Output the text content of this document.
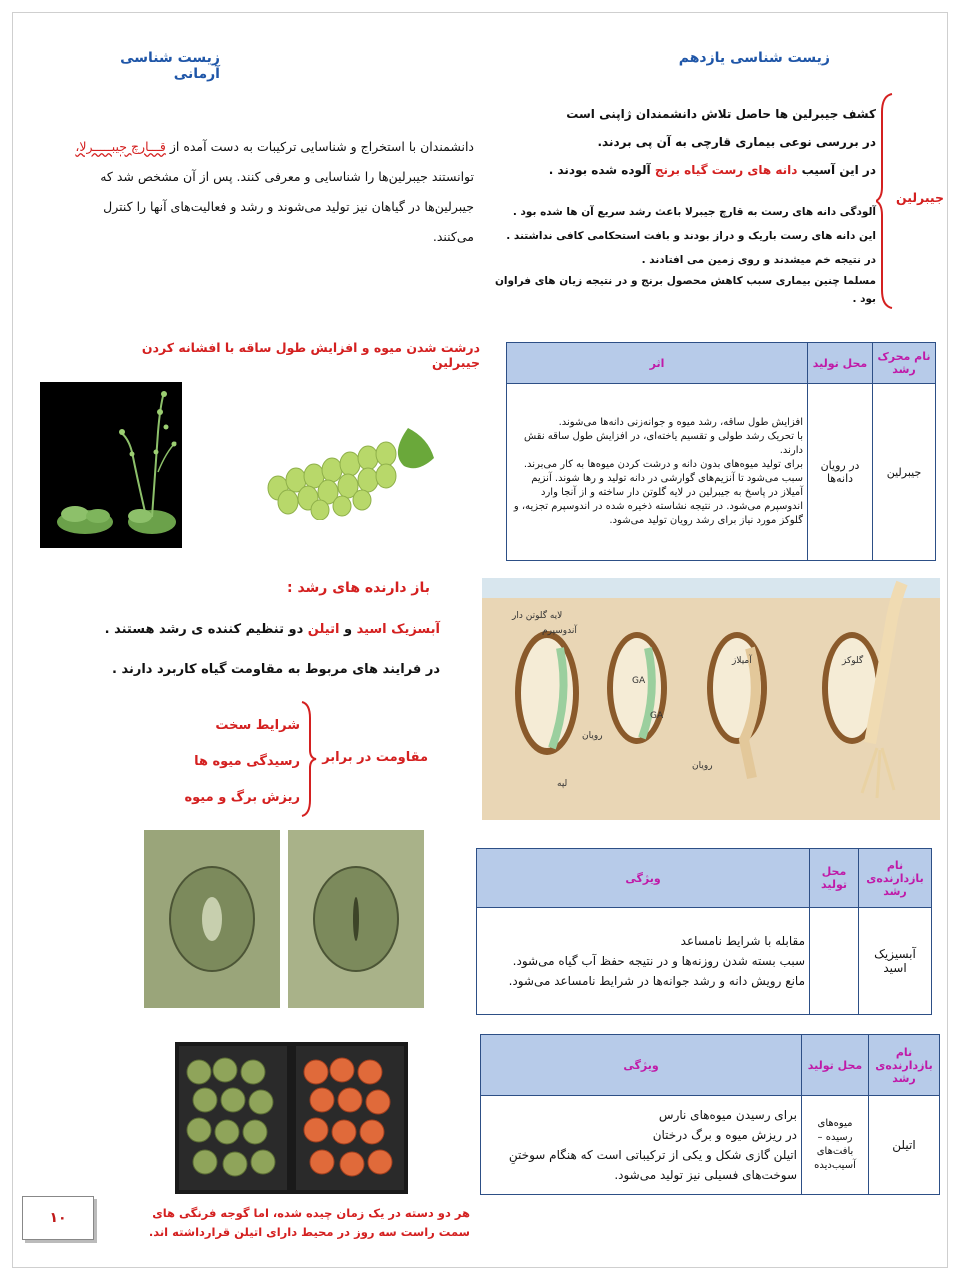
زیست شناسی یازدهم
زیست شناسی آرمانی
دانشمندان با استخراج و شناسایی ترکیبات به دست آمده از قـــارچ جیبـــــرلا،
توانستند جیبرلین‌ها را شناسایی و معرفی کنند. پس از آن مشخص شد که
جیبرلین‌ها در گیاهان نیز تولید می‌شوند و رشد و فعالیت‌های آنها را کنترل
می‌کنند.
کشف جیبرلین ها حاصل تلاش دانشمندان ژاپنی است
در بررسی نوعی بیماری قارچی به آن پی بردند.
در این آسیب دانه های رست گیاه برنج آلوده شده بودند .
آلودگی دانه های رست به قارچ جیبرلا باعث رشد سریع آن ها شده بود .
این دانه های رست باریک و دراز بودند و بافت استحکامی کافی نداشتند .
در نتیجه خم میشدند و روی زمین می افتادند .
مسلما چنین بیماری سبب کاهش محصول برنج و در نتیجه زیان های فراوان
بود .
جیبرلین
درشت شدن میوه و افزایش طول ساقه با افشانه کردن جیبرلین	نام محرک رشد	محل تولید	اثر
جیبرلین	در رویان دانه‌ها	افزایش طول ساقه، رشد میوه و جوانه‌زنی دانه‌ها می‌شوند.
با تحریک رشد طولی و تقسیم یاخته‌ای، در افزایش طول ساقه نقش دارند.
برای تولید میوه‌های بدون دانه و درشت کردن میوه‌ها به کار می‌برند.
سبب می‌شود تا آنزیم‌های گوارشی در دانه تولید و رها شوند. آنزیم آمیلاز در پاسخ به جیبرلین در لایه گلوتن دار ساخته و از آنجا وارد اندوسپرم می‌شود. در نتیجه نشاسته ذخیره شده در اندوسپرم تجزیه، و گلوکز مورد نیاز برای رشد رویان تولید می‌شود.
باز دارنده های رشد :
آبسزیک اسید و اتیلن دو تنظیم کننده ی رشد هستند .
در فرایند های مربوط به مقاومت گیاه کاربرد دارند .
شرایط سخت
رسیدگی میوه ها
ریزش برگ و میوه
مقاومت در برابر
لایه گلوتن دار
آندوسپرم
رویان
لپه
آمیلاز
رویان
گلوکز
GA
GA
نام بازدارنده‌ی رشد	محل تولید	ویژگی
آبسیزیک اسید		مقابله با شرایط نامساعد
سبب بسته شدن روزنه‌ها و در نتیجه حفظ آب گیاه می‌شود.
مانع رویش دانه و رشد جوانه‌ها در شرایط نامساعد می‌شود.
نام بازدارنده‌ی رشد	محل تولید	ویژگی
اتیلن	میوه‌های رسیده – بافت‌های آسیب‌دیده	برای رسیدن میوه‌های نارس
در ریزش میوه و برگ درختان
اتیلن گازی شکل و یکی از ترکیباتی است که هنگام سوختنِ سوخت‌های فسیلی نیز تولید می‌شود.
هر دو دسته در یک زمان چیده شده، اما گوجه فرنگی های سمت راست سه روز در محیط دارای اتیلن قرارداشته اند.
۱۰
